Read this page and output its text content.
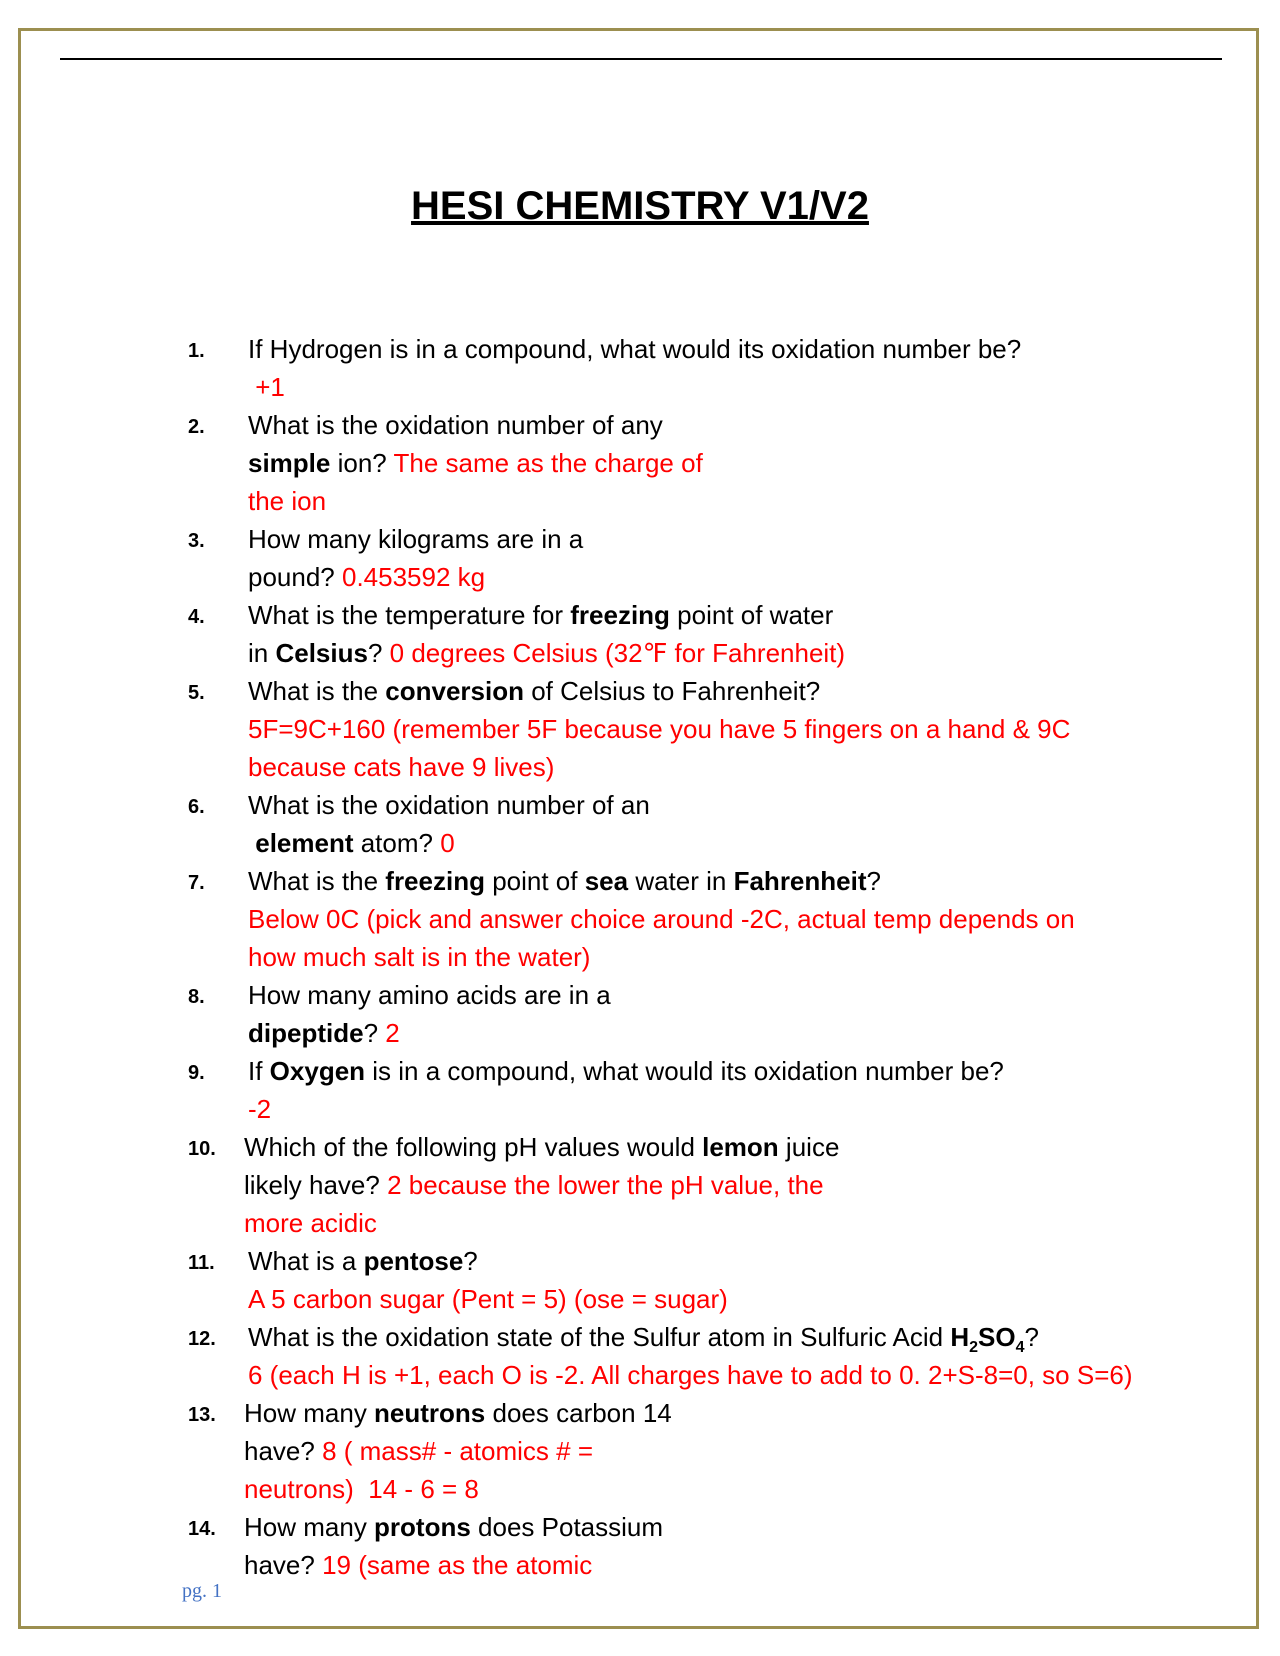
HESI CHEMISTRY V1/V2
1. If Hydrogen is in a compound, what would its oxidation number be?
+1
2. What is the oxidation number of any
simple ion? The same as the charge of
the ion
3. How many kilograms are in a
pound? 0.453592 kg
4. What is the temperature for freezing point of water
in Celsius? 0 degrees Celsius (32℉ for Fahrenheit)
5. What is the conversion of Celsius to Fahrenheit?
5F=9C+160 (remember 5F because you have 5 fingers on a hand & 9C
because cats have 9 lives)
6. What is the oxidation number of an
element atom? 0
7. What is the freezing point of sea water in Fahrenheit?
Below 0C (pick and answer choice around -2C, actual temp depends on
how much salt is in the water)
8. How many amino acids are in a
dipeptide? 2
9. If Oxygen is in a compound, what would its oxidation number be?
-2
10. Which of the following pH values would lemon juice
likely have? 2 because the lower the pH value, the
more acidic
11. What is a pentose?
A 5 carbon sugar (Pent = 5) (ose = sugar)
12. What is the oxidation state of the Sulfur atom in Sulfuric Acid $H_2SO_4$?
6 (each H is +1, each O is -2. All charges have to add to 0. 2+S-8=0, so S=6)
13. How many neutrons does carbon 14
have? 8 ( mass# - atomics # =
neutrons)  14 - 6 = 8
14. How many protons does Potassium
have? 19 (same as the atomic
pg. 1
